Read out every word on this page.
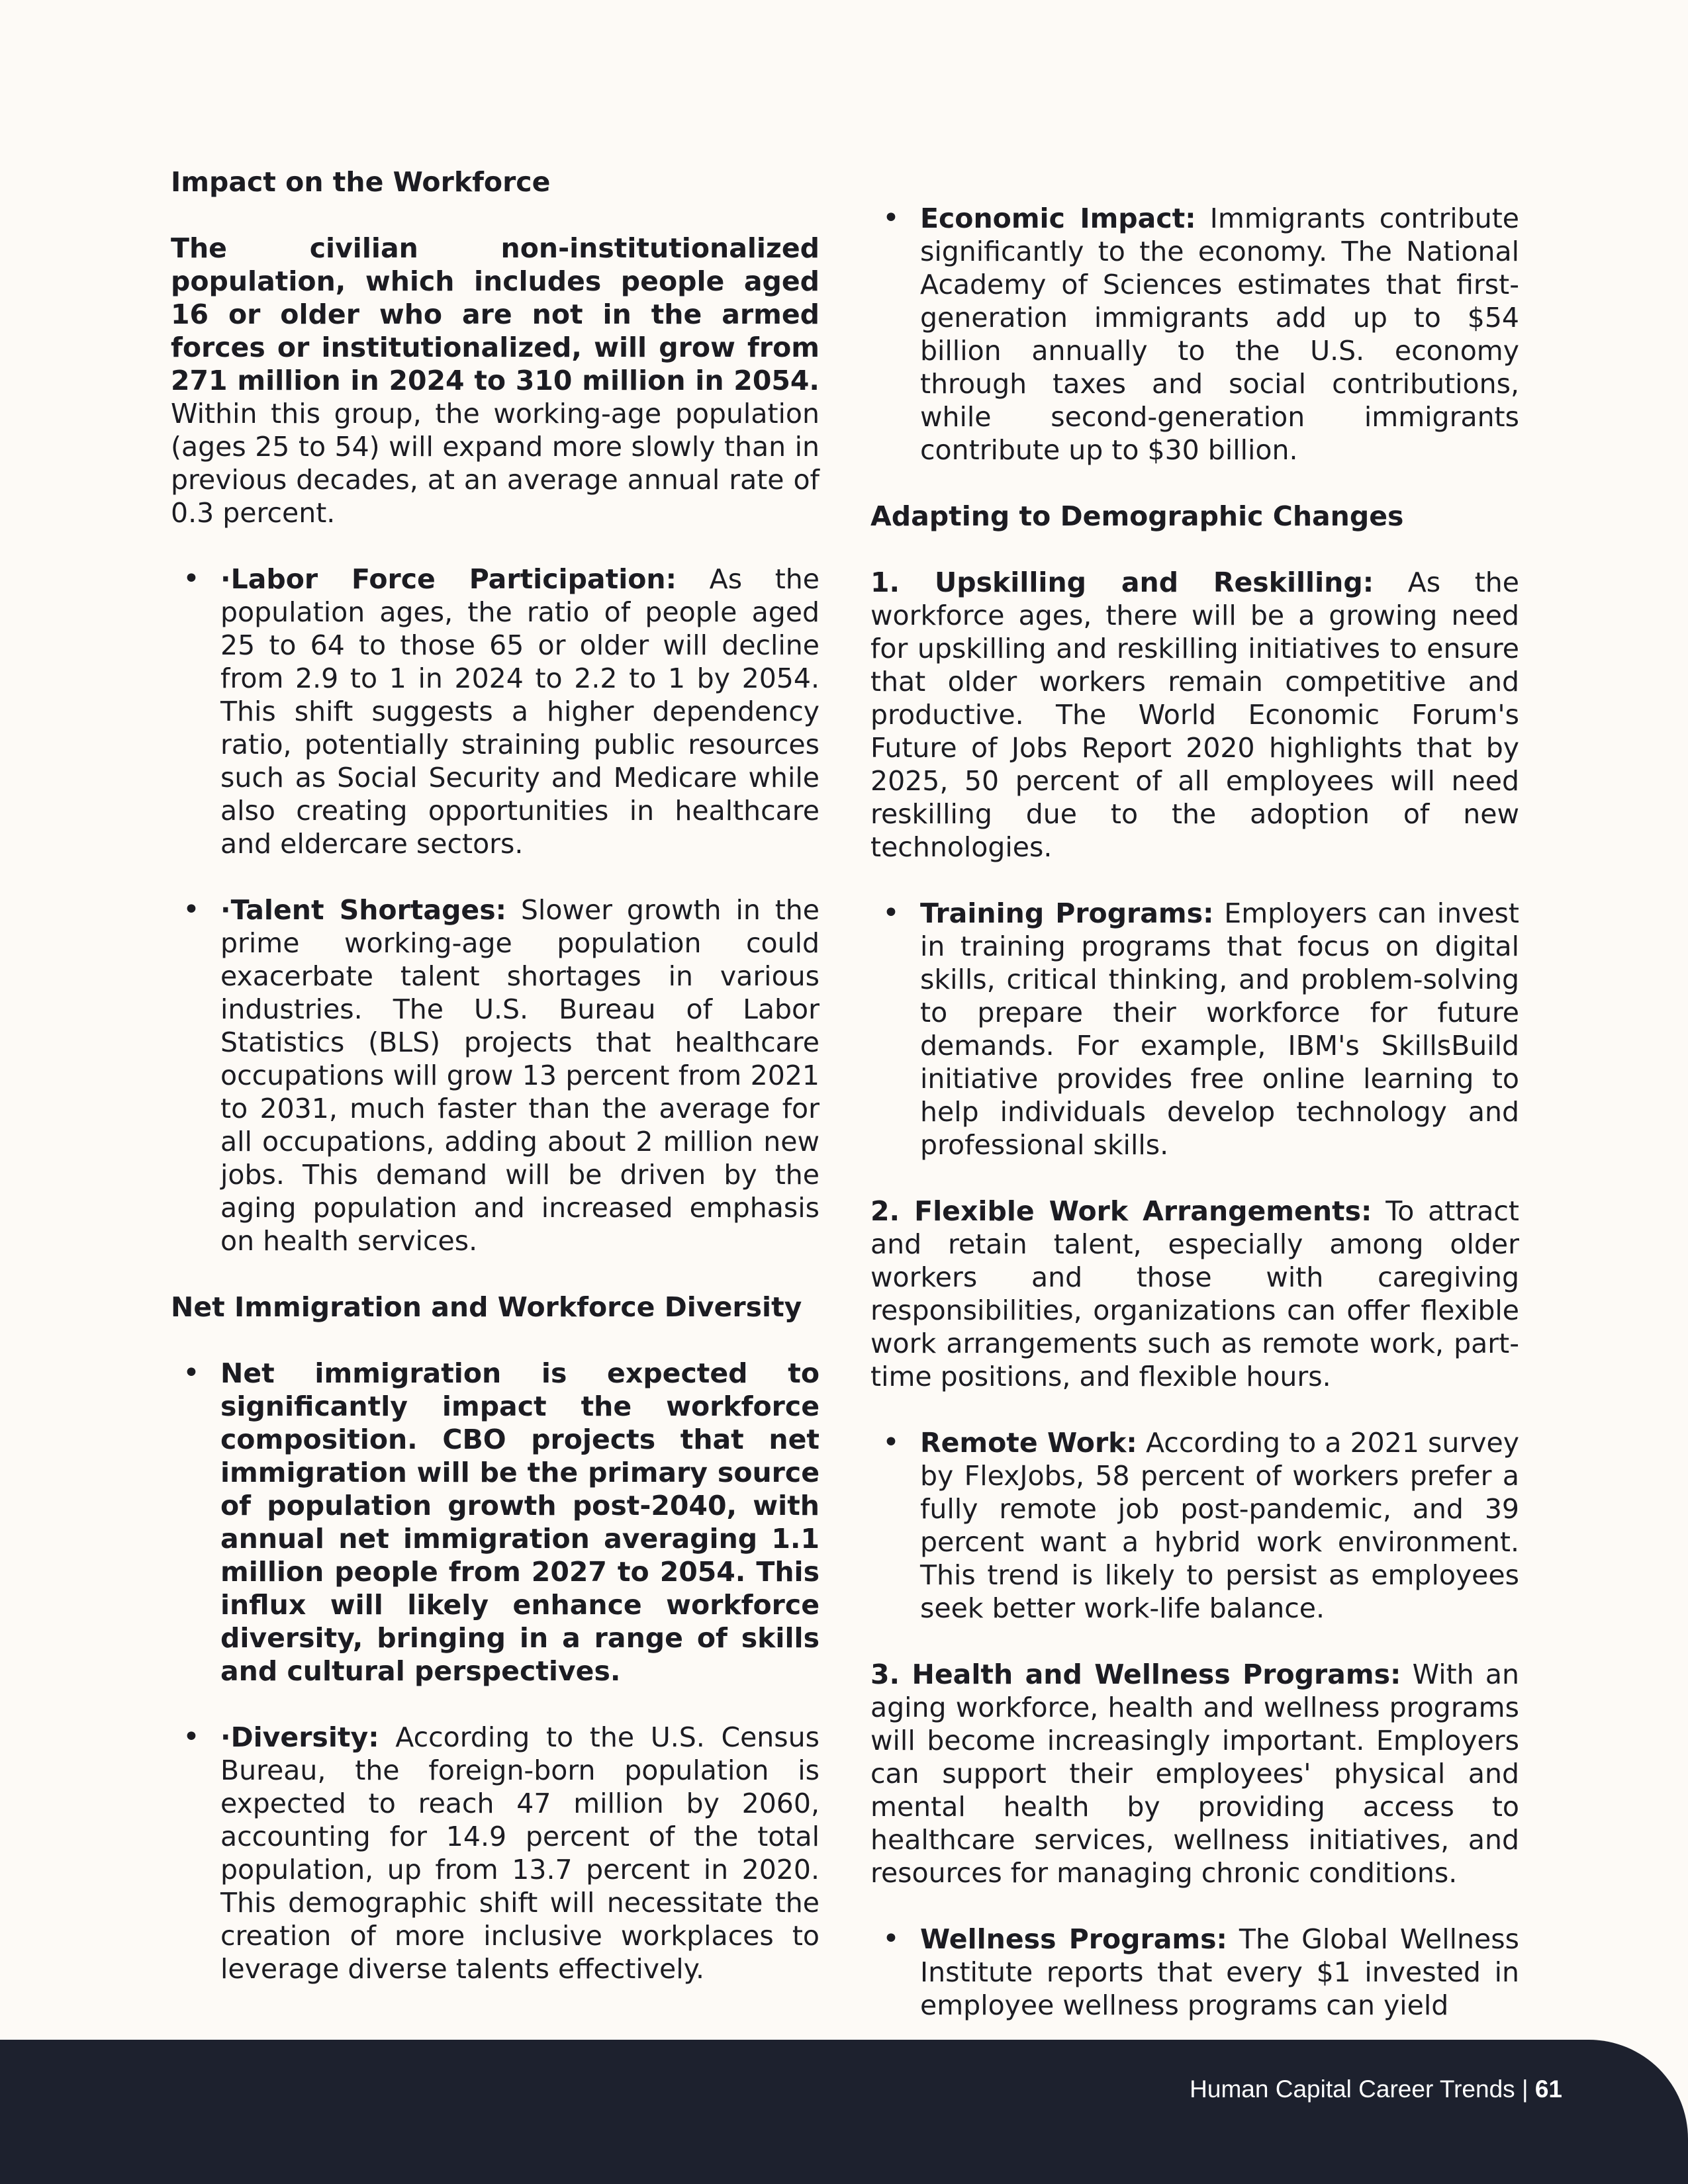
Impact on the Workforce

The civilian non-institutionalized population, which includes people aged 16 or older who are not in the armed forces or institutionalized, will grow from 271 million in 2024 to 310 million in 2054. Within this group, the working-age population (ages 25 to 54) will expand more slowly than in previous decades, at an average annual rate of 0.3 percent.

• ·Labor Force Participation: As the population ages, the ratio of people aged 25 to 64 to those 65 or older will decline from 2.9 to 1 in 2024 to 2.2 to 1 by 2054. This shift suggests a higher dependency ratio, potentially straining public resources such as Social Security and Medicare while also creating opportunities in healthcare and eldercare sectors.
• ·Talent Shortages: Slower growth in the prime working-age population could exacerbate talent shortages in various industries. The U.S. Bureau of Labor Statistics (BLS) projects that healthcare occupations will grow 13 percent from 2021 to 2031, much faster than the average for all occupations, adding about 2 million new jobs. This demand will be driven by the aging population and increased emphasis on health services.

Net Immigration and Workforce Diversity

• Net immigration is expected to significantly impact the workforce composition. CBO projects that net immigration will be the primary source of population growth post-2040, with annual net immigration averaging 1.1 million people from 2027 to 2054. This influx will likely enhance workforce diversity, bringing in a range of skills and cultural perspectives.
• ·Diversity: According to the U.S. Census Bureau, the foreign-born population is expected to reach 47 million by 2060, accounting for 14.9 percent of the total population, up from 13.7 percent in 2020. This demographic shift will necessitate the creation of more inclusive workplaces to leverage diverse talents effectively.
• Economic Impact: Immigrants contribute significantly to the economy. The National Academy of Sciences estimates that first-generation immigrants add up to $54 billion annually to the U.S. economy through taxes and social contributions, while second-generation immigrants contribute up to $30 billion.

Adapting to Demographic Changes

1. Upskilling and Reskilling: As the workforce ages, there will be a growing need for upskilling and reskilling initiatives to ensure that older workers remain competitive and productive. The World Economic Forum's Future of Jobs Report 2020 highlights that by 2025, 50 percent of all employees will need reskilling due to the adoption of new technologies.

• Training Programs: Employers can invest in training programs that focus on digital skills, critical thinking, and problem-solving to prepare their workforce for future demands. For example, IBM's SkillsBuild initiative provides free online learning to help individuals develop technology and professional skills.

2. Flexible Work Arrangements: To attract and retain talent, especially among older workers and those with caregiving responsibilities, organizations can offer flexible work arrangements such as remote work, part-time positions, and flexible hours.

• Remote Work: According to a 2021 survey by FlexJobs, 58 percent of workers prefer a fully remote job post-pandemic, and 39 percent want a hybrid work environment. This trend is likely to persist as employees seek better work-life balance.

3. Health and Wellness Programs: With an aging workforce, health and wellness programs will become increasingly important. Employers can support their employees' physical and mental health by providing access to healthcare services, wellness initiatives, and resources for managing chronic conditions.

• Wellness Programs: The Global Wellness Institute reports that every $1 invested in employee wellness programs can yield
Human Capital Career Trends | 61
